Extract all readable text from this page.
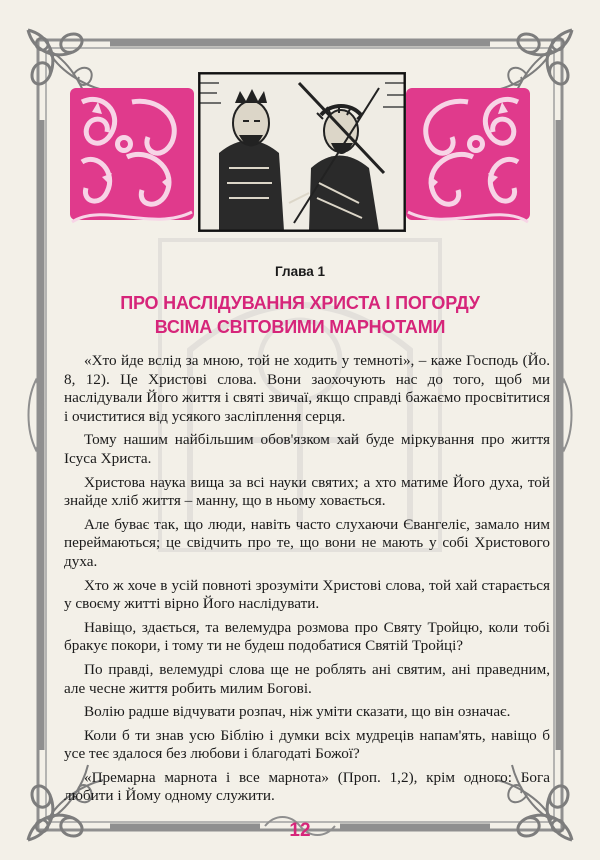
Глава 1
ПРО НАСЛІДУВАННЯ ХРИСТА І ПОГОРДУ
ВСІМА СВІТОВИМИ МАРНОТАМИ

«Хто йде вслід за мною, той не ходить у темноті», – каже Господь (Йо. 8, 12). Це Христові слова. Вони заохочують нас до того, щоб ми наслідували Його життя і святі звичаї, якщо справді бажаємо просвітитися і очиститися від усякого засліплення серця.

Тому нашим найбільшим обов'язком хай буде міркування про життя Ісуса Христа.

Христова наука вища за всі науки святих; а хто матиме Його духа, той знайде хліб життя – манну, що в ньому ховається.

Але буває так, що люди, навіть часто слухаючи Євангеліє, замало ним переймаються; це свідчить про те, що вони не мають у собі Христового духа.

Хто ж хоче в усій повноті зрозуміти Христові слова, той хай старається у своєму житті вірно Його наслідувати.

Навіщо, здається, та велемудра розмова про Святу Тройцю, коли тобі бракує покори, і тому ти не будеш подобатися Святій Тройці?

По правді, велемудрі слова ще не роблять ані святим, ані праведним, але чесне життя робить милим Богові.

Волію радше відчувати розпач, ніж уміти сказати, що він означає.

Коли б ти знав усю Біблію і думки всіх мудреців напам'ять, навіщо б усе теє здалося без любови і благодаті Божої?

«Премарна марнота і все марнота» (Проп. 1,2), крім одного: Бога любити і Йому одному служити.

12
